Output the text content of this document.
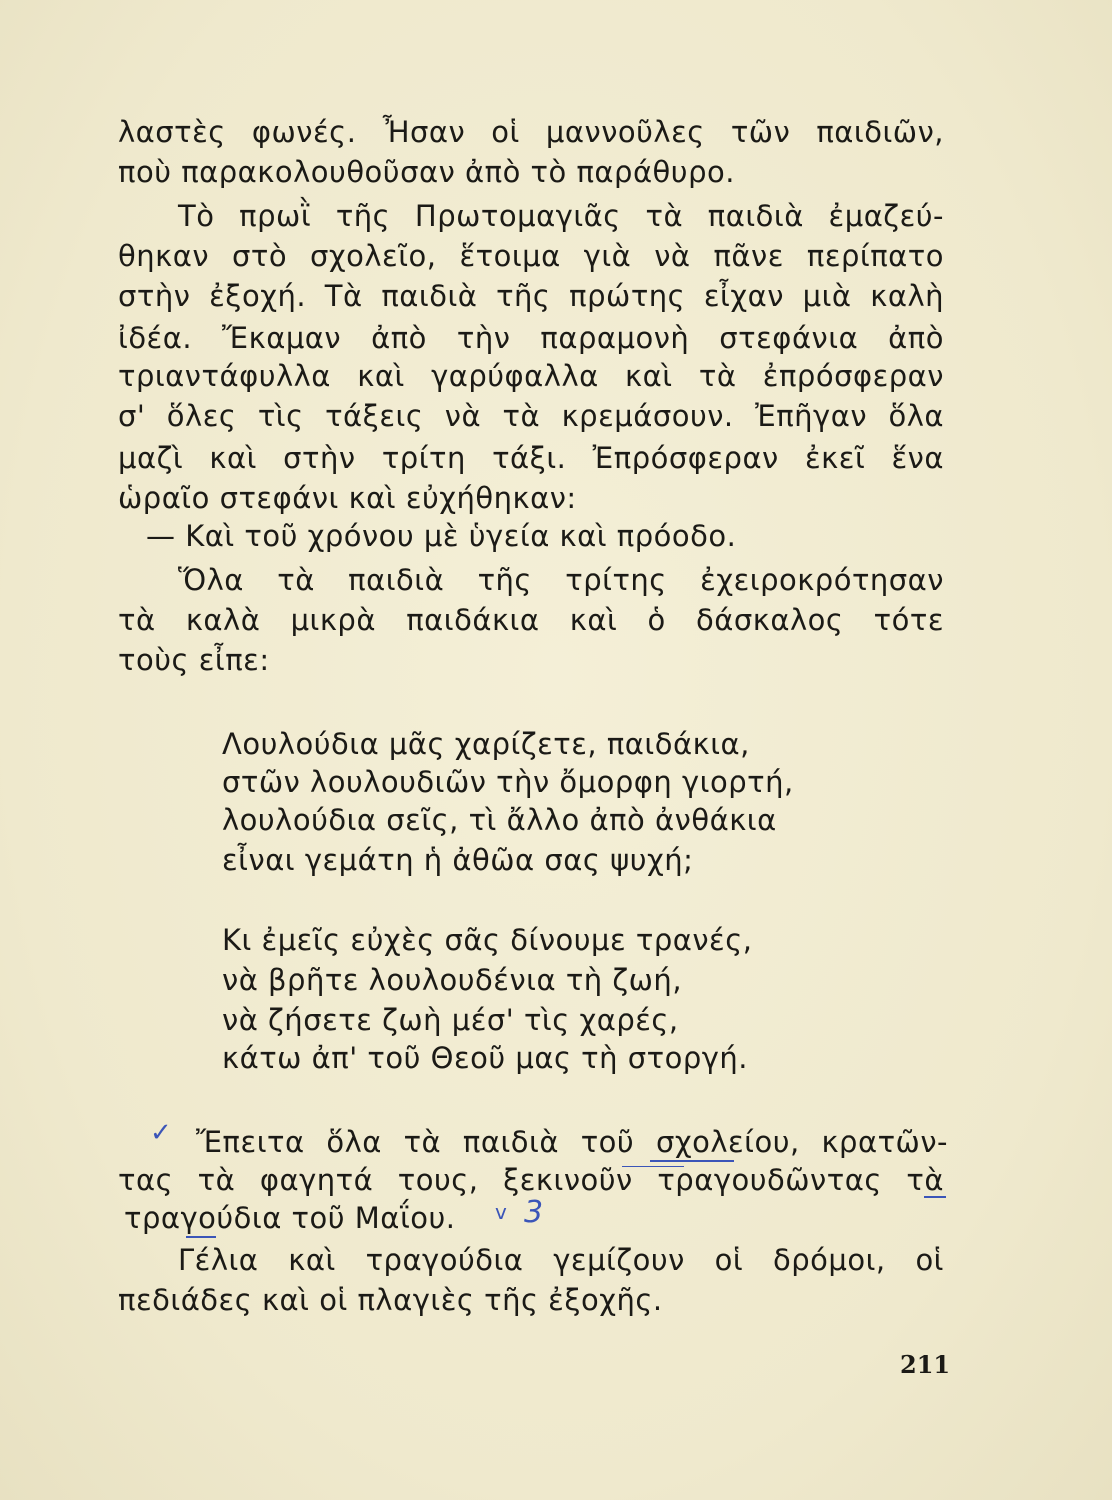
λαστὲς φωνές. Ἦσαν οἱ μαννοῦλες τῶν παιδιῶν,
ποὺ παρακολουθοῦσαν ἀπὸ τὸ παράθυρο.
Τὸ πρωῒ τῆς Πρωτομαγιᾶς τὰ παιδιὰ ἐμαζεύ-
θηκαν στὸ σχολεῖο, ἕτοιμα γιὰ νὰ πᾶνε περίπατο
στὴν ἐξοχή. Τὰ παιδιὰ τῆς πρώτης εἶχαν μιὰ καλὴ
ἰδέα. Ἔκαμαν ἀπὸ τὴν παραμονὴ στεφάνια ἀπὸ
τριαντάφυλλα καὶ γαρύφαλλα καὶ τὰ ἐπρόσφεραν
σ' ὅλες τὶς τάξεις νὰ τὰ κρεμάσουν. Ἐπῆγαν ὅλα
μαζὶ καὶ στὴν τρίτη τάξι. Ἐπρόσφεραν ἐκεῖ ἕνα
ὡραῖο στεφάνι καὶ εὐχήθηκαν:
— Καὶ τοῦ χρόνου μὲ ὑγεία καὶ πρόοδο.
Ὅλα τὰ παιδιὰ τῆς τρίτης ἐχειροκρότησαν
τὰ καλὰ μικρὰ παιδάκια καὶ ὁ δάσκαλος τότε
τοὺς εἶπε:
Λουλούδια μᾶς χαρίζετε, παιδάκια,
στῶν λουλουδιῶν τὴν ὄμορφη γιορτή,
λουλούδια σεῖς, τὶ ἄλλο ἀπὸ ἀνθάκια
εἶναι γεμάτη ἡ ἀθῶα σας ψυχή;
Κι ἐμεῖς εὐχὲς σᾶς δίνουμε τρανές,
νὰ βρῆτε λουλουδένια τὴ ζωή,
νὰ ζήσετε ζωὴ μέσ' τὶς χαρές,
κάτω ἀπ' τοῦ Θεοῦ μας τὴ στοργή.
Ἔπειτα ὅλα τὰ παιδιὰ τοῦ σχολείου, κρατῶν-
τας τὰ φαγητά τους, ξεκινοῦν τραγουδῶντας τὰ
τραγούδια τοῦ Μαΐου.
Γέλια καὶ τραγούδια γεμίζουν οἱ δρόμοι, οἱ
πεδιάδες καὶ οἱ πλαγιὲς τῆς ἐξοχῆς.
✓
v 3
211
